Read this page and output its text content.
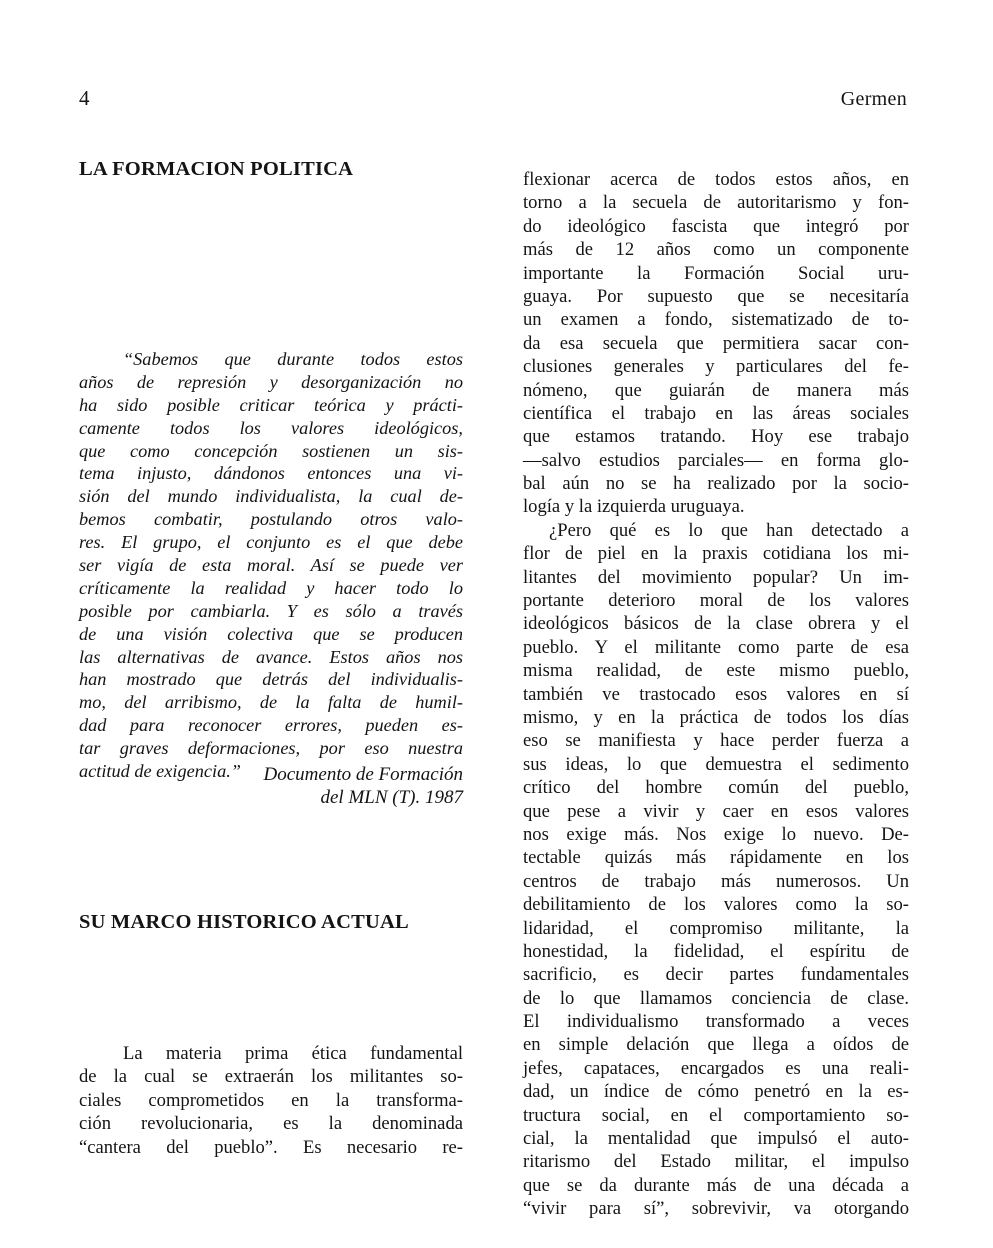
4	Germen
LA FORMACION POLITICA
“Sabemos que durante todos estos
años de represión y desorganización no
ha sido posible criticar teórica y prácti-
camente todos los valores ideológicos,
que como concepción sostienen un sis-
tema injusto, dándonos entonces una vi-
sión del mundo individualista, la cual de-
bemos combatir, postulando otros valo-
res. El grupo, el conjunto es el que debe
ser vigía de esta moral. Así se puede ver
críticamente la realidad y hacer todo lo
posible por cambiarla. Y es sólo a través
de una visión colectiva que se producen
las alternativas de avance. Estos años nos
han mostrado que detrás del individualis-
mo, del arribismo, de la falta de humil-
dad para reconocer errores, pueden es-
tar graves deformaciones, por eso nuestra
actitud de exigencia.”	Documento de Formación
del MLN (T). 1987
SU MARCO HISTORICO ACTUAL
La materia prima ética fundamental
de la cual se extraerán los militantes so-
ciales comprometidos en la transforma-
ción revolucionaria, es la denominada
“cantera del pueblo”. Es necesario re-
flexionar acerca de todos estos años, en
torno a la secuela de autoritarismo y fon-
do ideológico fascista que integró por
más de 12 años como un componente
importante la Formación Social uru-
guaya. Por supuesto que se necesitaría
un examen a fondo, sistematizado de to-
da esa secuela que permitiera sacar con-
clusiones generales y particulares del fe-
nómeno, que guiarán de manera más
científica el trabajo en las áreas sociales
que estamos tratando. Hoy ese trabajo
—salvo estudios parciales— en forma glo-
bal aún no se ha realizado por la socio-
logía y la izquierda uruguaya.
¿Pero qué es lo que han detectado a
flor de piel en la praxis cotidiana los mi-
litantes del movimiento popular? Un im-
portante deterioro moral de los valores
ideológicos básicos de la clase obrera y el
pueblo. Y el militante como parte de esa
misma realidad, de este mismo pueblo,
también ve trastocado esos valores en sí
mismo, y en la práctica de todos los días
eso se manifiesta y hace perder fuerza a
sus ideas, lo que demuestra el sedimento
crítico del hombre común del pueblo,
que pese a vivir y caer en esos valores
nos exige más. Nos exige lo nuevo. De-
tectable quizás más rápidamente en los
centros de trabajo más numerosos. Un
debilitamiento de los valores como la so-
lidaridad, el compromiso militante, la
honestidad, la fidelidad, el espíritu de
sacrificio, es decir partes fundamentales
de lo que llamamos conciencia de clase.
El individualismo transformado a veces
en simple delación que llega a oídos de
jefes, capataces, encargados es una reali-
dad, un índice de cómo penetró en la es-
tructura social, en el comportamiento so-
cial, la mentalidad que impulsó el auto-
ritarismo del Estado militar, el impulso
que se da durante más de una década a
“vivir para sí”, sobrevivir, va otorgando
